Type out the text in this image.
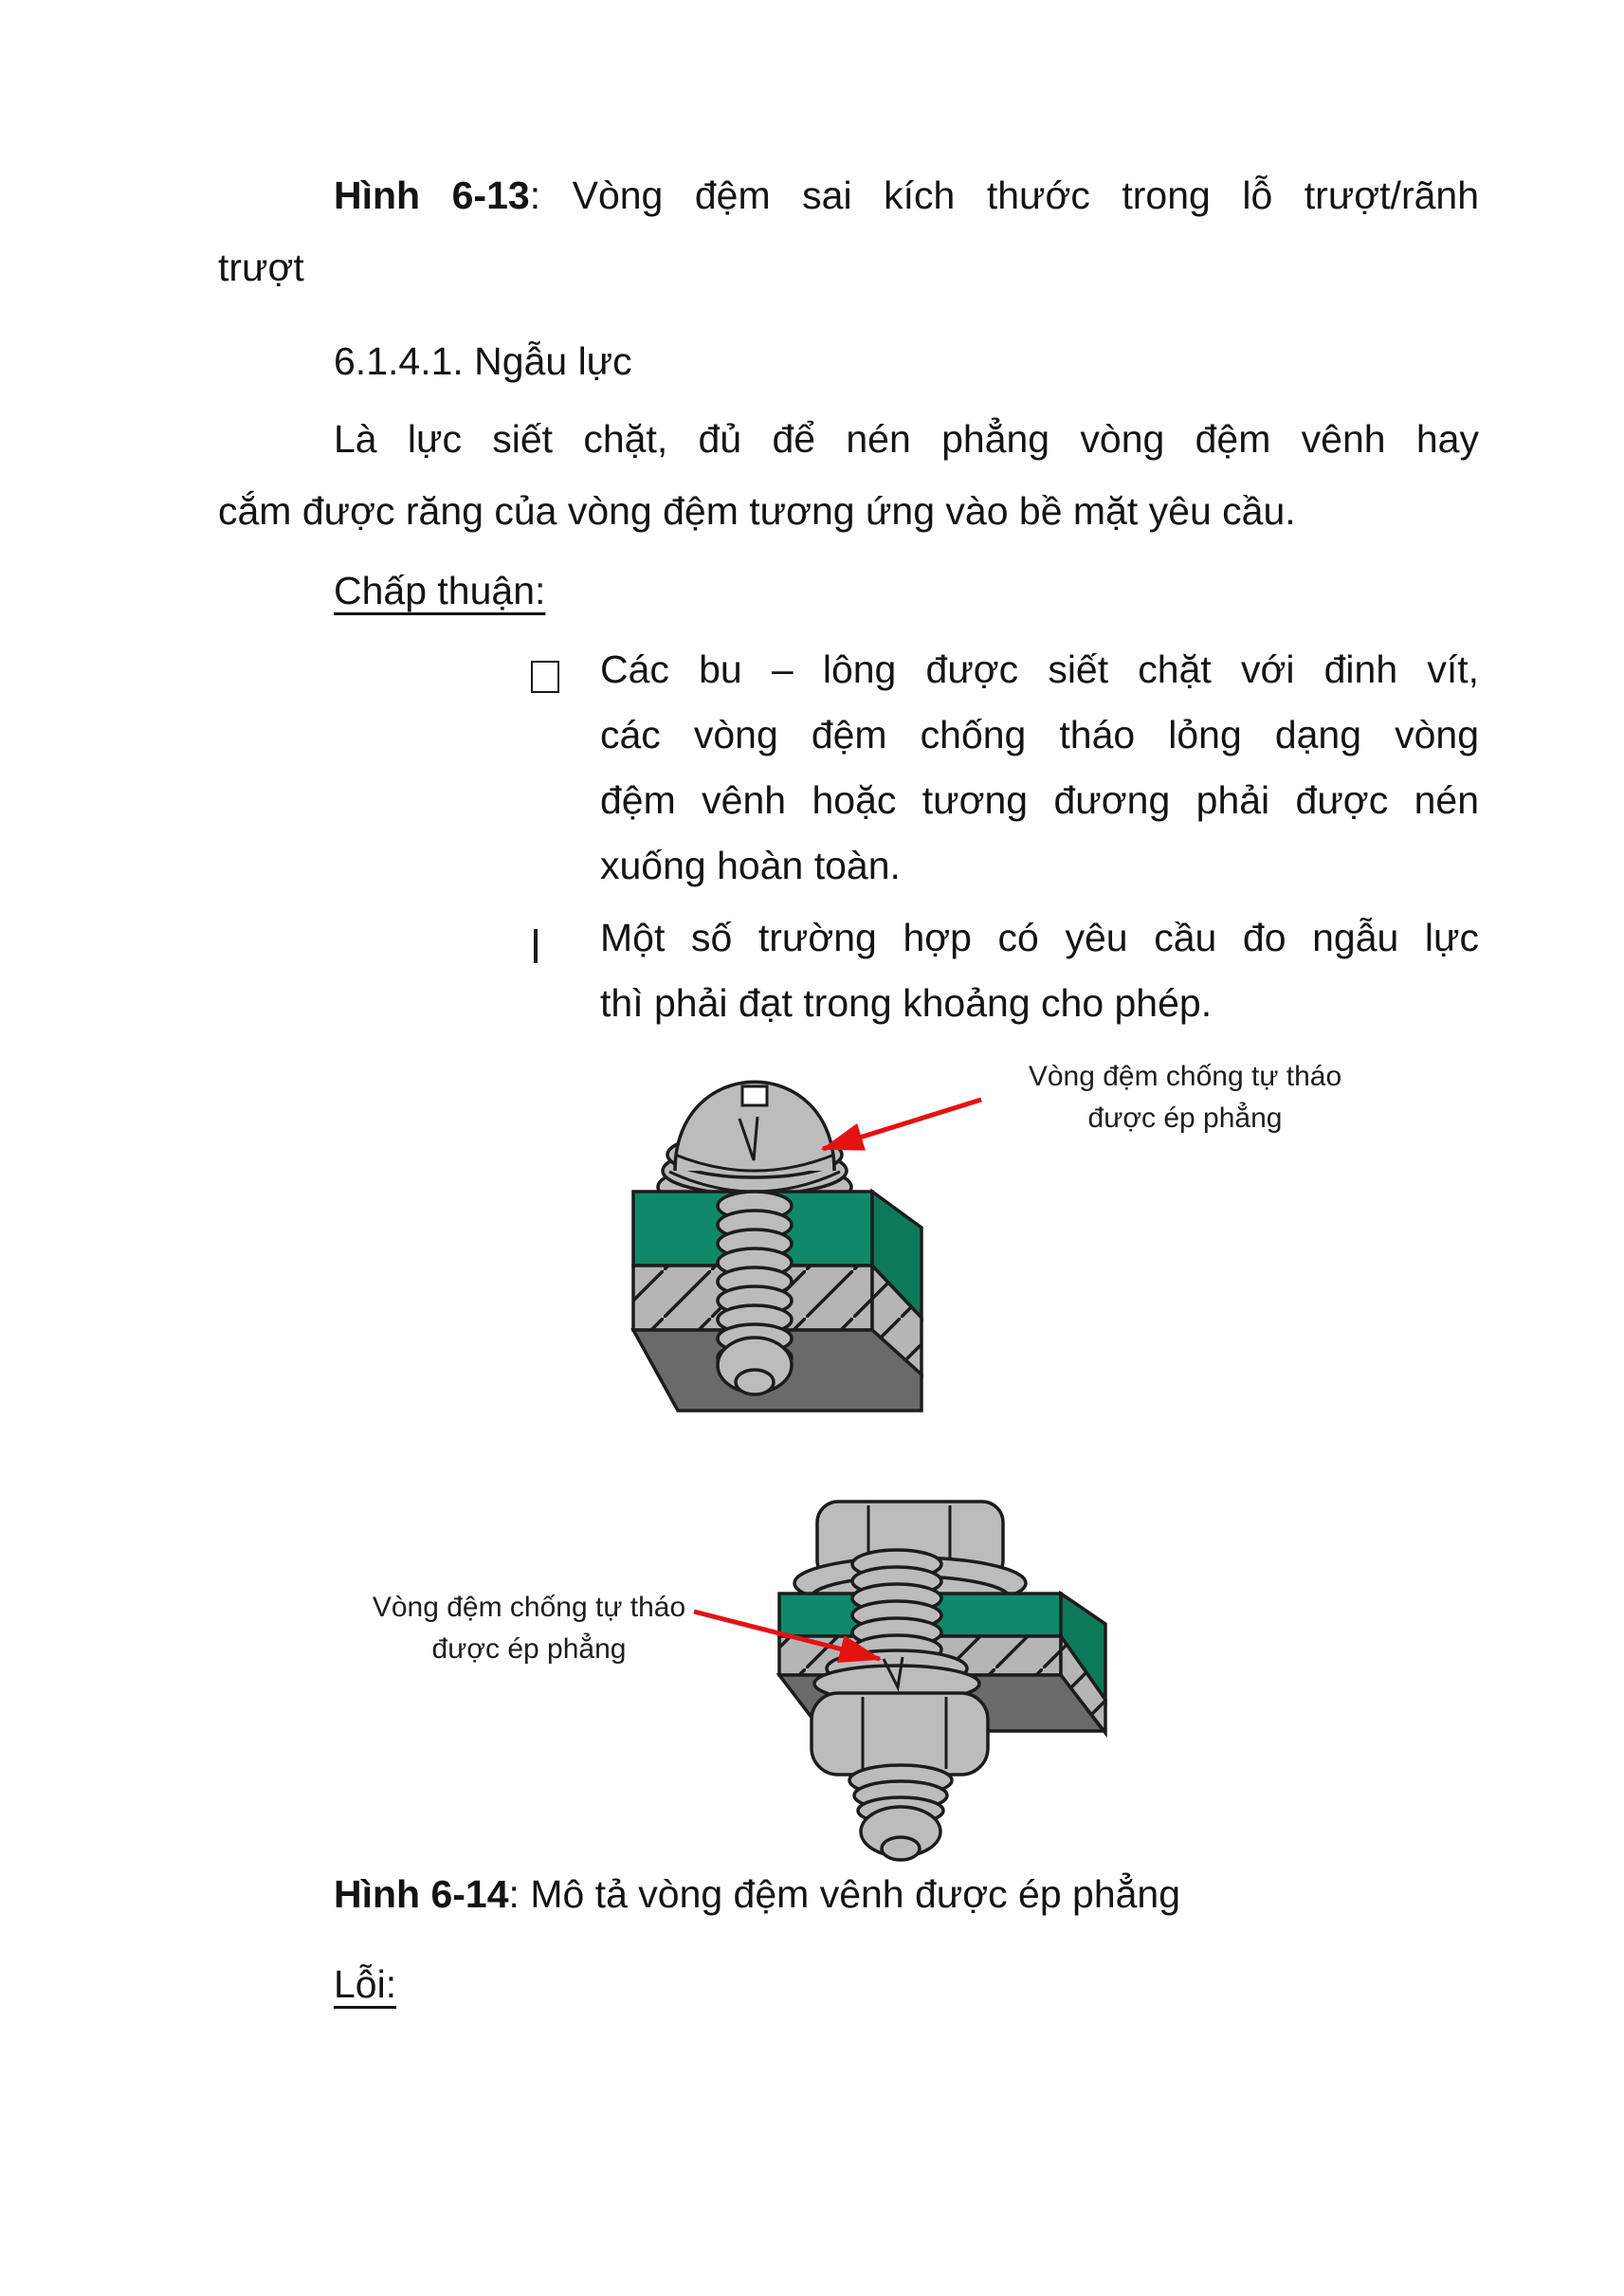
Hình 6-13: Vòng đệm sai kích thước trong lỗ trượt/rãnh
trượt
6.1.4.1. Ngẫu lực
Là lực siết chặt, đủ để nén phẳng vòng đệm vênh hay
cắm được răng của vòng đệm tương ứng vào bề mặt yêu cầu.
Chấp thuận:
Các bu – lông được siết chặt với đinh vít,
các vòng đệm chống tháo lỏng dạng vòng
đệm vênh hoặc tương đương phải được nén
xuống hoàn toàn.
Một số trường hợp có yêu cầu đo ngẫu lực
thì phải đạt trong khoảng cho phép.
Vòng đệm chống tự tháo
được ép phẳng
Vòng đệm chống tự tháo
được ép phẳng
Hình 6-14: Mô tả vòng đệm vênh được ép phẳng
Lỗi:
